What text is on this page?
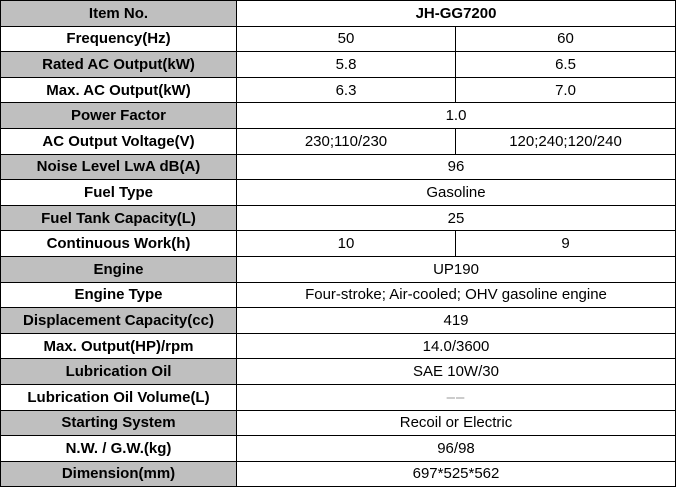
Item No.	JH-GG7200	
Frequency(Hz)	50	60
Rated AC Output(kW)	5.8	6.5
Max. AC Output(kW)	6.3	7.0
Power Factor	1.0	
AC Output Voltage(V)	230;110/230	120;240;120/240
Noise Level LwA dB(A)	96	
Fuel Type	Gasoline	
Fuel Tank Capacity(L)	25	
Continuous Work(h)	10	9
Engine	UP190	
Engine Type	Four-stroke; Air-cooled; OHV gasoline engine	
Displacement Capacity(cc)	419	
Max. Output(HP)/rpm	14.0/3600	
Lubrication Oil	SAE 10W/30	
Lubrication Oil Volume(L)	––	
Starting System	Recoil or Electric	
N.W. / G.W.(kg)	96/98	
Dimension(mm)	697*525*562	
